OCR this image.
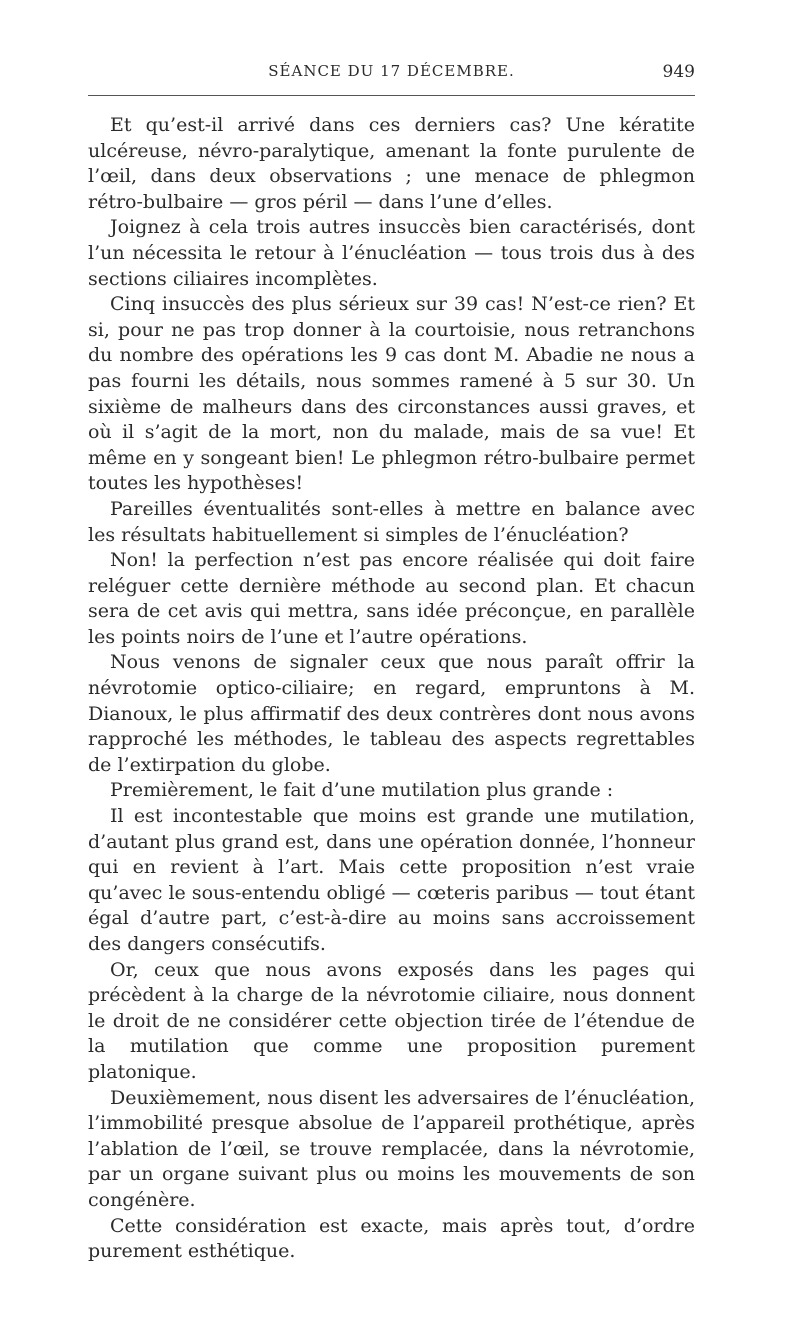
SÉANCE DU 17 DÉCEMBRE.	949

Et qu’est-il arrivé dans ces derniers cas? Une kératite ulcéreuse, névro-paralytique, amenant la fonte purulente de l’œil, dans deux observations ; une menace de phlegmon rétro-bulbaire — gros péril — dans l’une d’elles.

Joignez à cela trois autres insuccès bien caractérisés, dont l’un nécessita le retour à l’énucléation — tous trois dus à des sections ciliaires incomplètes.

Cinq insuccès des plus sérieux sur 39 cas! N’est-ce rien? Et si, pour ne pas trop donner à la courtoisie, nous retranchons du nombre des opérations les 9 cas dont M. Abadie ne nous a pas fourni les détails, nous sommes ramené à 5 sur 30. Un sixième de malheurs dans des circonstances aussi graves, et où il s’agit de la mort, non du malade, mais de sa vue! Et même en y songeant bien! Le phlegmon rétro-bulbaire permet toutes les hypothèses!

Pareilles éventualités sont-elles à mettre en balance avec les résultats habituellement si simples de l’énucléation?

Non! la perfection n’est pas encore réalisée qui doit faire reléguer cette dernière méthode au second plan. Et chacun sera de cet avis qui mettra, sans idée préconçue, en parallèle les points noirs de l’une et l’autre opérations.

Nous venons de signaler ceux que nous paraît offrir la névrotomie optico-ciliaire; en regard, empruntons à M. Dianoux, le plus affirmatif des deux contrères dont nous avons rapproché les méthodes, le tableau des aspects regrettables de l’extirpation du globe.

Premièrement, le fait d’une mutilation plus grande :

Il est incontestable que moins est grande une mutilation, d’autant plus grand est, dans une opération donnée, l’honneur qui en revient à l’art. Mais cette proposition n’est vraie qu’avec le sous-entendu obligé — cœteris paribus — tout étant égal d’autre part, c’est-à-dire au moins sans accroissement des dangers consécutifs.

Or, ceux que nous avons exposés dans les pages qui précèdent à la charge de la névrotomie ciliaire, nous donnent le droit de ne considérer cette objection tirée de l’étendue de la mutilation que comme une proposition purement platonique.

Deuxièmement, nous disent les adversaires de l’énucléation, l’immobilité presque absolue de l’appareil prothétique, après l’ablation de l’œil, se trouve remplacée, dans la névrotomie, par un organe suivant plus ou moins les mouvements de son congénère.

Cette considération est exacte, mais après tout, d’ordre purement esthétique.
